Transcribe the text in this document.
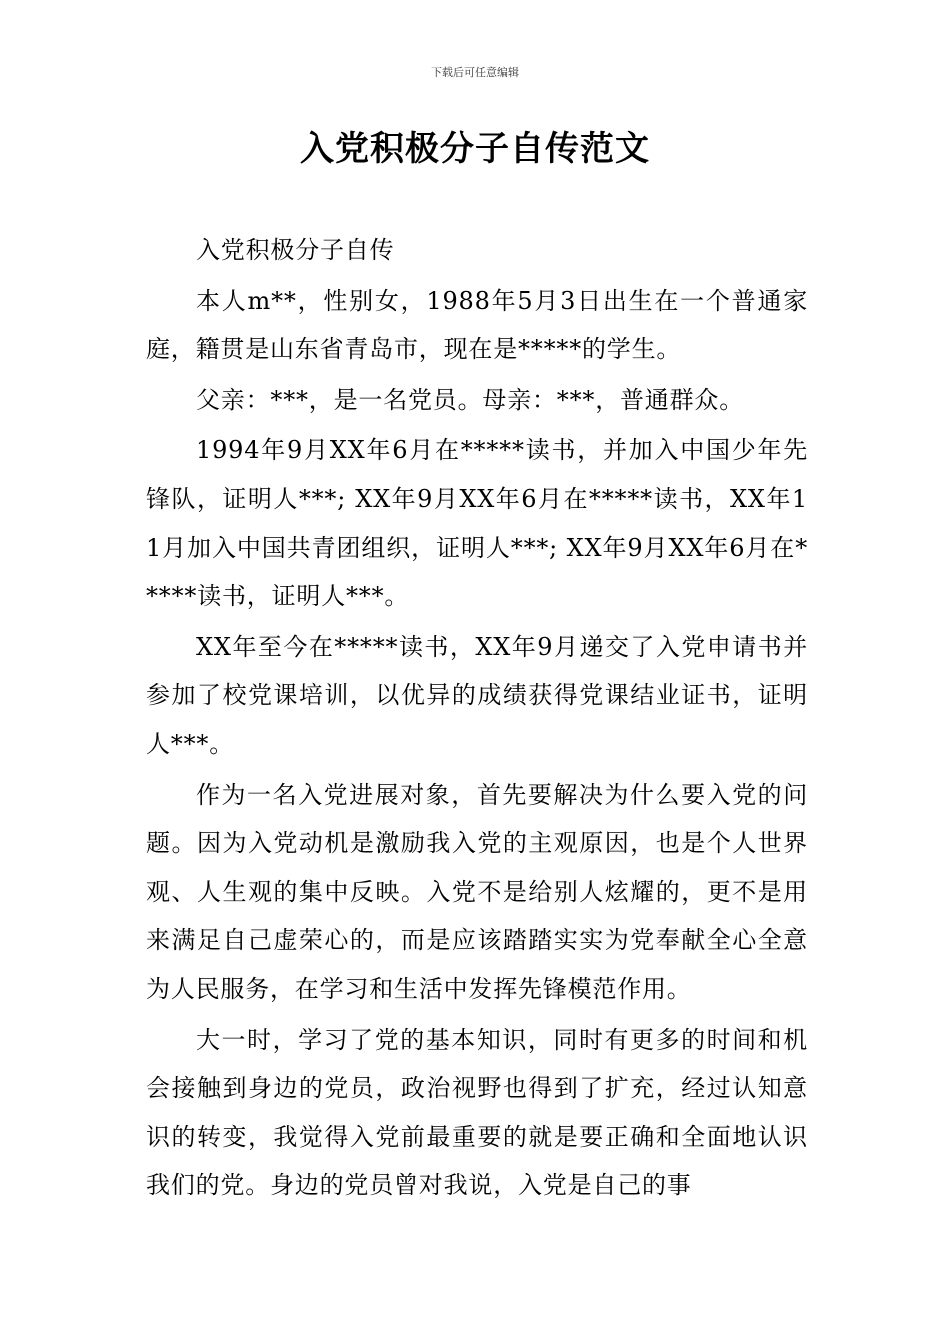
下载后可任意编辑
入党积极分子自传范文

入党积极分子自传

本人m**，性别女，1988年5月3日出生在一个普通家庭，籍贯是山东省青岛市，现在是*****的学生。

父亲：***，是一名党员。母亲：***，普通群众。

1994年9月XX年6月在*****读书，并加入中国少年先锋队，证明人***; XX年9月XX年6月在*****读书，XX年11月加入中国共青团组织，证明人***; XX年9月XX年6月在*****读书，证明人***。

XX年至今在*****读书，XX年9月递交了入党申请书并参加了校党课培训，以优异的成绩获得党课结业证书，证明人***。

作为一名入党进展对象，首先要解决为什么要入党的问题。因为入党动机是激励我入党的主观原因，也是个人世界观、人生观的集中反映。入党不是给别人炫耀的，更不是用来满足自己虚荣心的，而是应该踏踏实实为党奉献全心全意为人民服务，在学习和生活中发挥先锋模范作用。

大一时，学习了党的基本知识，同时有更多的时间和机会接触到身边的党员，政治视野也得到了扩充，经过认知意识的转变，我觉得入党前最重要的就是要正确和全面地认识我们的党。身边的党员曾对我说，入党是自己的事
